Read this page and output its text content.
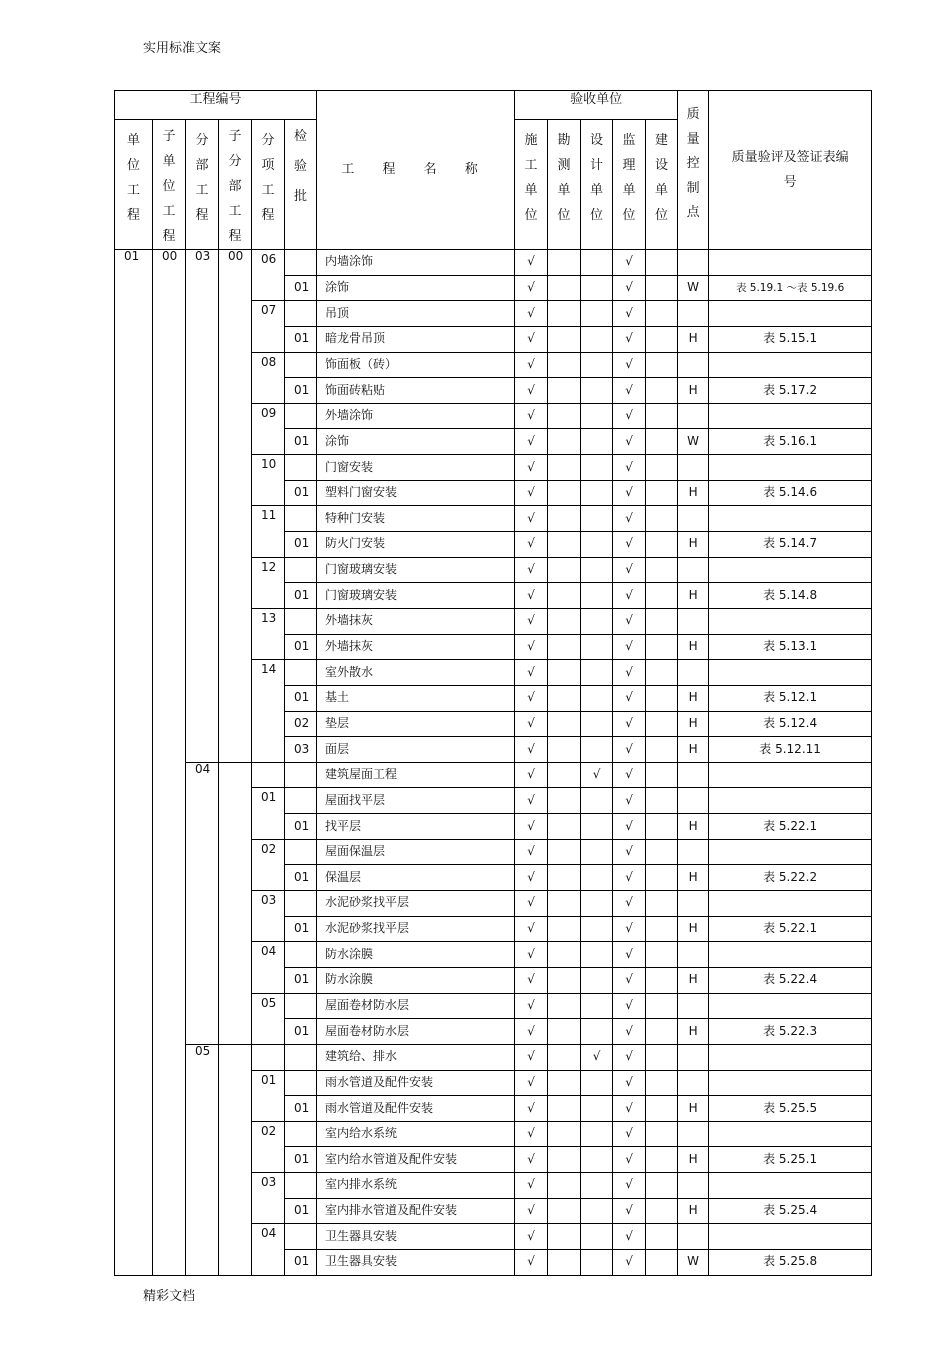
实用标准文案
工程编号						工 程 名 称	验收单位					质量控制点	质量验评及签证表编号
单位工程	子单位工程	分部工程	子分部工程	分项工程	检验批		施工单位	勘测单位	设计单位	监理单位	建设单位		
01	00	03	00	06		内墙涂饰	√			√			
					01	涂饰	√			√		W	表 5.19.1 ～表 5.19.6
				07		吊顶	√			√			
					01	暗龙骨吊顶	√			√		H	表 5.15.1
				08		饰面板（砖）	√			√			
					01	饰面砖粘贴	√			√		H	表 5.17.2
				09		外墙涂饰	√			√			
					01	涂饰	√			√		W	表 5.16.1
				10		门窗安装	√			√			
					01	塑料门窗安装	√			√		H	表 5.14.6
				11		特种门安装	√			√			
					01	防火门安装	√			√		H	表 5.14.7
				12		门窗玻璃安装	√			√			
					01	门窗玻璃安装	√			√		H	表 5.14.8
				13		外墙抹灰	√			√			
					01	外墙抹灰	√			√		H	表 5.13.1
				14		室外散水	√			√			
					01	基土	√			√		H	表 5.12.1
					02	垫层	√			√		H	表 5.12.4
					03	面层	√			√		H	表 5.12.11
		04				建筑屋面工程	√		√	√			
				01		屋面找平层	√			√			
					01	找平层	√			√		H	表 5.22.1
				02		屋面保温层	√			√			
					01	保温层	√			√		H	表 5.22.2
				03		水泥砂浆找平层	√			√			
					01	水泥砂浆找平层	√			√		H	表 5.22.1
				04		防水涂膜	√			√			
					01	防水涂膜	√			√		H	表 5.22.4
				05		屋面卷材防水层	√			√			
					01	屋面卷材防水层	√			√		H	表 5.22.3
		05				建筑给、排水	√		√	√			
				01		雨水管道及配件安装	√			√			
					01	雨水管道及配件安装	√			√		H	表 5.25.5
				02		室内给水系统	√			√			
					01	室内给水管道及配件安装	√			√		H	表 5.25.1
				03		室内排水系统	√			√			
					01	室内排水管道及配件安装	√			√		H	表 5.25.4
				04		卫生器具安装	√			√			
					01	卫生器具安装	√			√		W	表 5.25.8
精彩文档
